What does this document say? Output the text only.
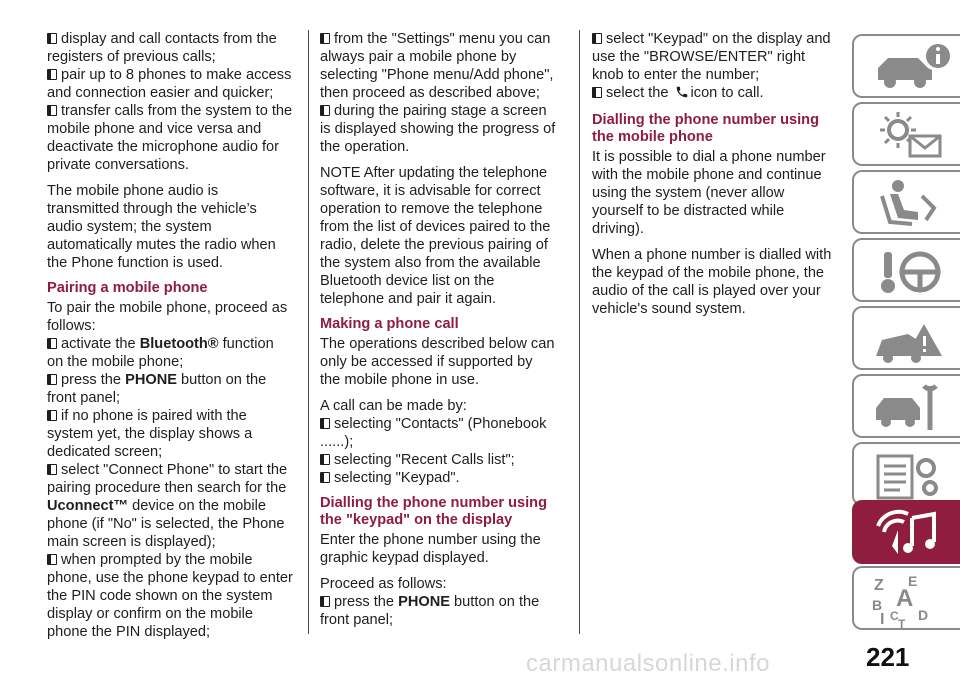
display and call contacts from the registers of previous calls;
pair up to 8 phones to make access and connection easier and quicker;
transfer calls from the system to the mobile phone and vice versa and deactivate the microphone audio for private conversations.

The mobile phone audio is transmitted through the vehicle’s audio system; the system automatically mutes the radio when the Phone function is used.

Pairing a mobile phone

To pair the mobile phone, proceed as follows:

activate the Bluetooth® function on the mobile phone;
press the PHONE button on the front panel;
if no phone is paired with the system yet, the display shows a dedicated screen;
select "Connect Phone" to start the pairing procedure then search for the Uconnect™ device on the mobile phone (if "No" is selected, the Phone main screen is displayed);
when prompted by the mobile phone, use the phone keypad to enter the PIN code shown on the system display or confirm on the mobile phone the PIN displayed;
from the "Settings" menu you can always pair a mobile phone by selecting "Phone menu/Add phone", then proceed as described above;
during the pairing stage a screen is displayed showing the progress of the operation.

NOTE After updating the telephone software, it is advisable for correct operation to remove the telephone from the list of devices paired to the radio, delete the previous pairing of the system also from the available Bluetooth device list on the telephone and pair it again.

Making a phone call

The operations described below can only be accessed if supported by the mobile phone in use.

A call can be made by:

selecting "Contacts" (Phonebook ......);
selecting "Recent Calls list";
selecting "Keypad".
Dialling the phone number using the "keypad" on the display

Enter the phone number using the graphic keypad displayed.

Proceed as follows:

press the PHONE button on the front panel;
select "Keypad" on the display and use the "BROWSE/ENTER" right knob to enter the number;
select the
icon to call.
Dialling the phone number using the mobile phone

It is possible to dial a phone number with the mobile phone and continue using the system (never allow yourself to be distracted while driving).

When a phone number is dialled with the keypad of the mobile phone, the audio of the call is played over your vehicle's sound system.

Z E
B A
I C D
T
carmanualsonline.info	221
